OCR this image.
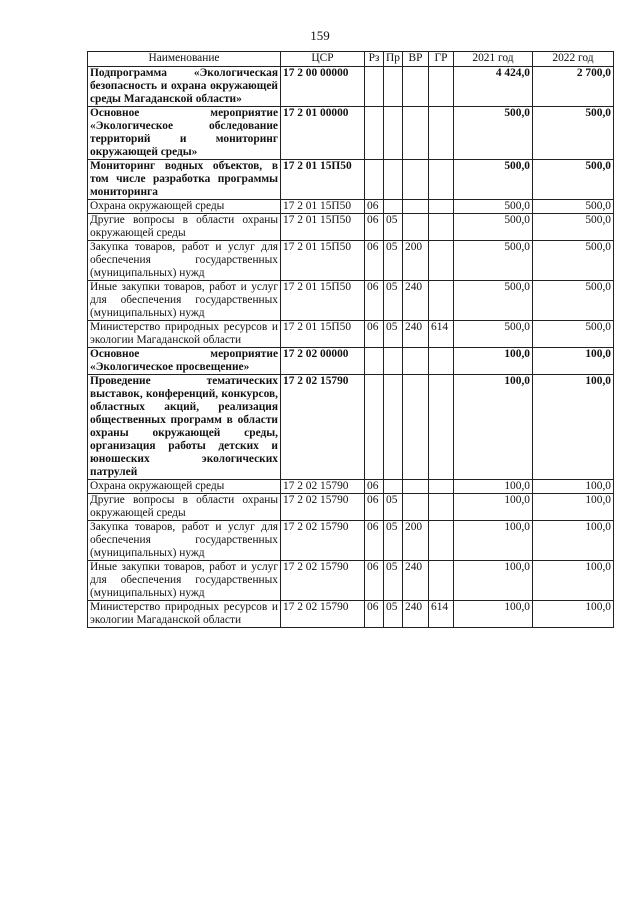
159
Наименование	ЦСР	Рз	Пр	ВР	ГР	2021 год	2022 год
Подпрограмма «Экологическая безопасность и охрана окружающей среды Магаданской области»	17 2 00 00000					4 424,0	2 700,0
Основное мероприятие «Экологическое обследование территорий и мониторинг окружающей среды»	17 2 01 00000					500,0	500,0
Мониторинг водных объектов, в том числе разработка программы мониторинга	17 2 01 15П50					500,0	500,0
Охрана окружающей среды	17 2 01 15П50	06				500,0	500,0
Другие вопросы в области охраны окружающей среды	17 2 01 15П50	06	05			500,0	500,0
Закупка товаров, работ и услуг для обеспечения государственных (муниципальных) нужд	17 2 01 15П50	06	05	200		500,0	500,0
Иные закупки товаров, работ и услуг для обеспечения государственных (муниципальных) нужд	17 2 01 15П50	06	05	240		500,0	500,0
Министерство природных ресурсов и экологии Магаданской области	17 2 01 15П50	06	05	240	614	500,0	500,0
Основное мероприятие «Экологическое просвещение»	17 2 02 00000					100,0	100,0
Проведение тематических выставок, конференций, конкурсов, областных акций, реализация общественных программ в области охраны окружающей среды, организация работы детских и юношеских экологических патрулей	17 2 02 15790					100,0	100,0
Охрана окружающей среды	17 2 02 15790	06				100,0	100,0
Другие вопросы в области охраны окружающей среды	17 2 02 15790	06	05			100,0	100,0
Закупка товаров, работ и услуг для обеспечения государственных (муниципальных) нужд	17 2 02 15790	06	05	200		100,0	100,0
Иные закупки товаров, работ и услуг для обеспечения государственных (муниципальных) нужд	17 2 02 15790	06	05	240		100,0	100,0
Министерство природных ресурсов и экологии Магаданской области	17 2 02 15790	06	05	240	614	100,0	100,0
